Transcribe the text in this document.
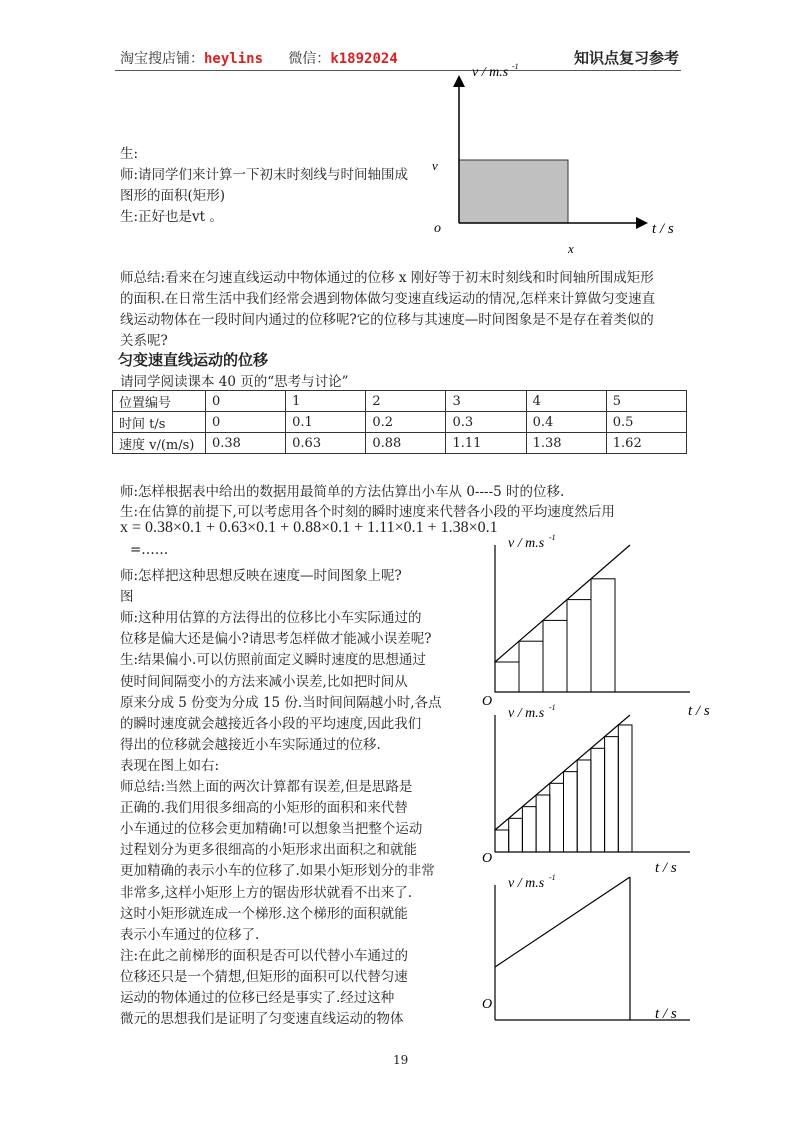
淘宝搜店铺：heylins 微信：k1892024	知识点复习参考
v / m.s -1
v
o	t / s
x
生:
师:请同学们来计算一下初末时刻线与时间轴围成
图形的面积(矩形)
生:正好也是vt 。
师总结:看来在匀速直线运动中物体通过的位移 x 刚好等于初末时刻线和时间轴所围成矩形
的面积.在日常生活中我们经常会遇到物体做匀变速直线运动的情况,怎样来计算做匀变速直
线运动物体在一段时间内通过的位移呢?它的位移与其速度—时间图象是不是存在着类似的
关系呢?
匀变速直线运动的位移
请同学阅读课本 40 页的“思考与讨论”
位置编号	0	1	2	3	4	5
时间 t/s	0	0.1	0.2	0.3	0.4	0.5
速度 v/(m/s)	0.38	0.63	0.88	1.11	1.38	1.62
师:怎样根据表中给出的数据用最简单的方法估算出小车从 0----5 时的位移.
生:在估算的前提下,可以考虑用各个时刻的瞬时速度来代替各小段的平均速度然后用
x = 0.38×0.1 + 0.63×0.1 + 0.88×0.1 + 1.11×0.1 + 1.38×0.1
=……
师:怎样把这种思想反映在速度—时间图象上呢?
图
师:这种用估算的方法得出的位移比小车实际通过的
位移是偏大还是偏小?请思考怎样做才能减小误差呢?
生:结果偏小.可以仿照前面定义瞬时速度的思想通过
使时间间隔变小的方法来减小误差,比如把时间从
原来分成 5 份变为分成 15 份.当时间间隔越小时,各点
的瞬时速度就会越接近各小段的平均速度,因此我们
得出的位移就会越接近小车实际通过的位移.
表现在图上如右:
师总结:当然上面的两次计算都有误差,但是思路是
正确的.我们用很多细高的小矩形的面积和来代替
小车通过的位移会更加精确!可以想象当把整个运动
过程划分为更多很细高的小矩形求出面积之和就能
更加精确的表示小车的位移了.如果小矩形划分的非常
非常多,这样小矩形上方的锯齿形状就看不出来了.
这时小矩形就连成一个梯形.这个梯形的面积就能
表示小车通过的位移了.
注:在此之前梯形的面积是否可以代替小车通过的
位移还只是一个猜想,但矩形的面积可以代替匀速
运动的物体通过的位移已经是事实了.经过这种
微元的思想我们是证明了匀变速直线运动的物体
v / m.s -1
O
t / s
v / m.s -1
O
t / s
v / m.s -1
O
t / s
19
